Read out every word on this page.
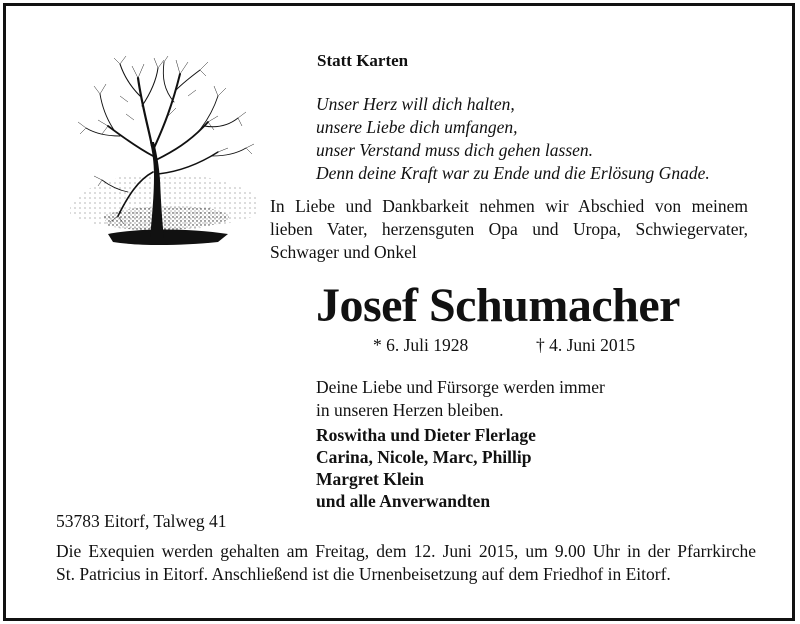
Statt Karten
Unser Herz will dich halten,
unsere Liebe dich umfangen,
unser Verstand muss dich gehen lassen.
Denn deine Kraft war zu Ende und die Erlösung Gnade.
In Liebe und Dankbarkeit nehmen wir Abschied von meinem
lieben Vater, herzensguten Opa und Uropa, Schwiegervater,
Schwager und Onkel
Josef Schumacher
* 6. Juli 1928	† 4. Juni 2015
Deine Liebe und Fürsorge werden immer
in unseren Herzen bleiben.
Roswitha und Dieter Flerlage
Carina, Nicole, Marc, Phillip
Margret Klein
und alle Anverwandten
53783 Eitorf, Talweg 41
Die Exequien werden gehalten am Freitag, dem 12. Juni 2015, um 9.00 Uhr in der Pfarrkirche
St. Patricius in Eitorf. Anschließend ist die Urnenbeisetzung auf dem Friedhof in Eitorf.
